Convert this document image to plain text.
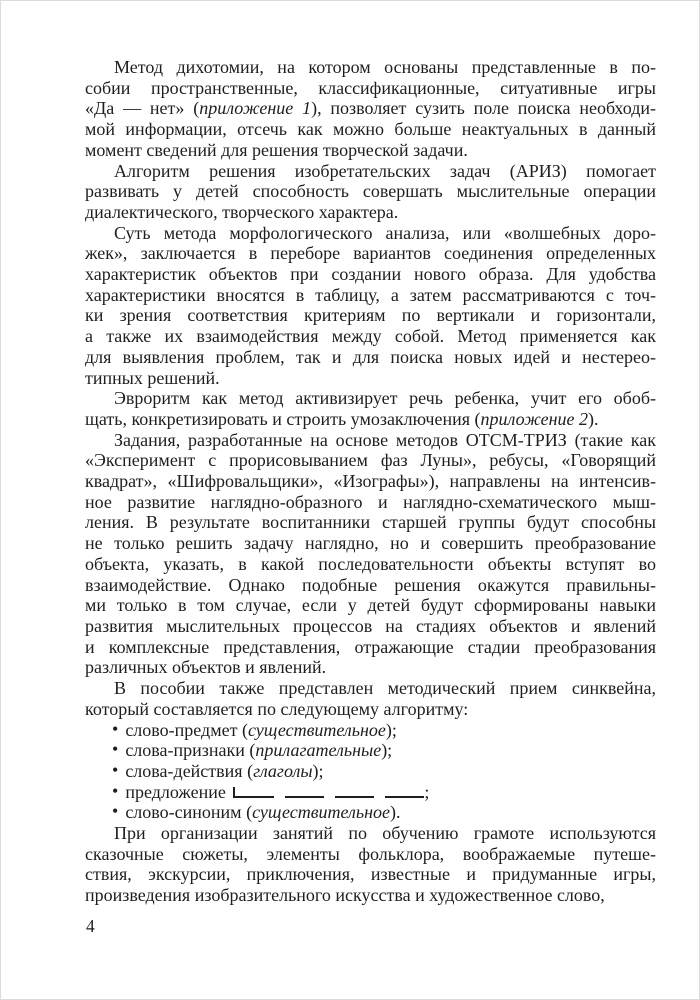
Метод дихотомии, на котором основаны представленные в по-
собии пространственные, классификационные, ситуативные игры
«Да — нет» (приложение 1), позволяет сузить поле поиска необходи-
мой информации, отсечь как можно больше неактуальных в данный
момент сведений для решения творческой задачи.
Алгоритм решения изобретательских задач (АРИЗ) помогает
развивать у детей способность совершать мыслительные операции
диалектического, творческого характера.
Суть метода морфологического анализа, или «волшебных доро-
жек», заключается в переборе вариантов соединения определенных
характеристик объектов при создании нового образа. Для удобства
характеристики вносятся в таблицу, а затем рассматриваются с точ-
ки зрения соответствия критериям по вертикали и горизонтали,
а также их взаимодействия между собой. Метод применяется как
для выявления проблем, так и для поиска новых идей и нестерео-
типных решений.
Эвроритм как метод активизирует речь ребенка, учит его обоб-
щать, конкретизировать и строить умозаключения (приложение 2).
Задания, разработанные на основе методов ОТСМ-ТРИЗ (такие как
«Эксперимент с прорисовыванием фаз Луны», ребусы, «Говорящий
квадрат», «Шифровальщики», «Изографы»), направлены на интенсив-
ное развитие наглядно-образного и наглядно-схематического мыш-
ления. В результате воспитанники старшей группы будут способны
не только решить задачу наглядно, но и совершить преобразование
объекта, указать, в какой последовательности объекты вступят во
взаимодействие. Однако подобные решения окажутся правильны-
ми только в том случае, если у детей будут сформированы навыки
развития мыслительных процессов на стадиях объектов и явлений
и комплексные представления, отражающие стадии преобразования
различных объектов и явлений.
В пособии также представлен методический прием синквейна,
который составляется по следующему алгоритму:
• слово-предмет (существительное);
• слова-признаки (прилагательные);
• слова-действия (глаголы);
• предложение	;
• слово-синоним (существительное).
При организации занятий по обучению грамоте используются
сказочные сюжеты, элементы фольклора, воображаемые путеше-
ствия, экскурсии, приключения, известные и придуманные игры,
произведения изобразительного искусства и художественное слово,
4
